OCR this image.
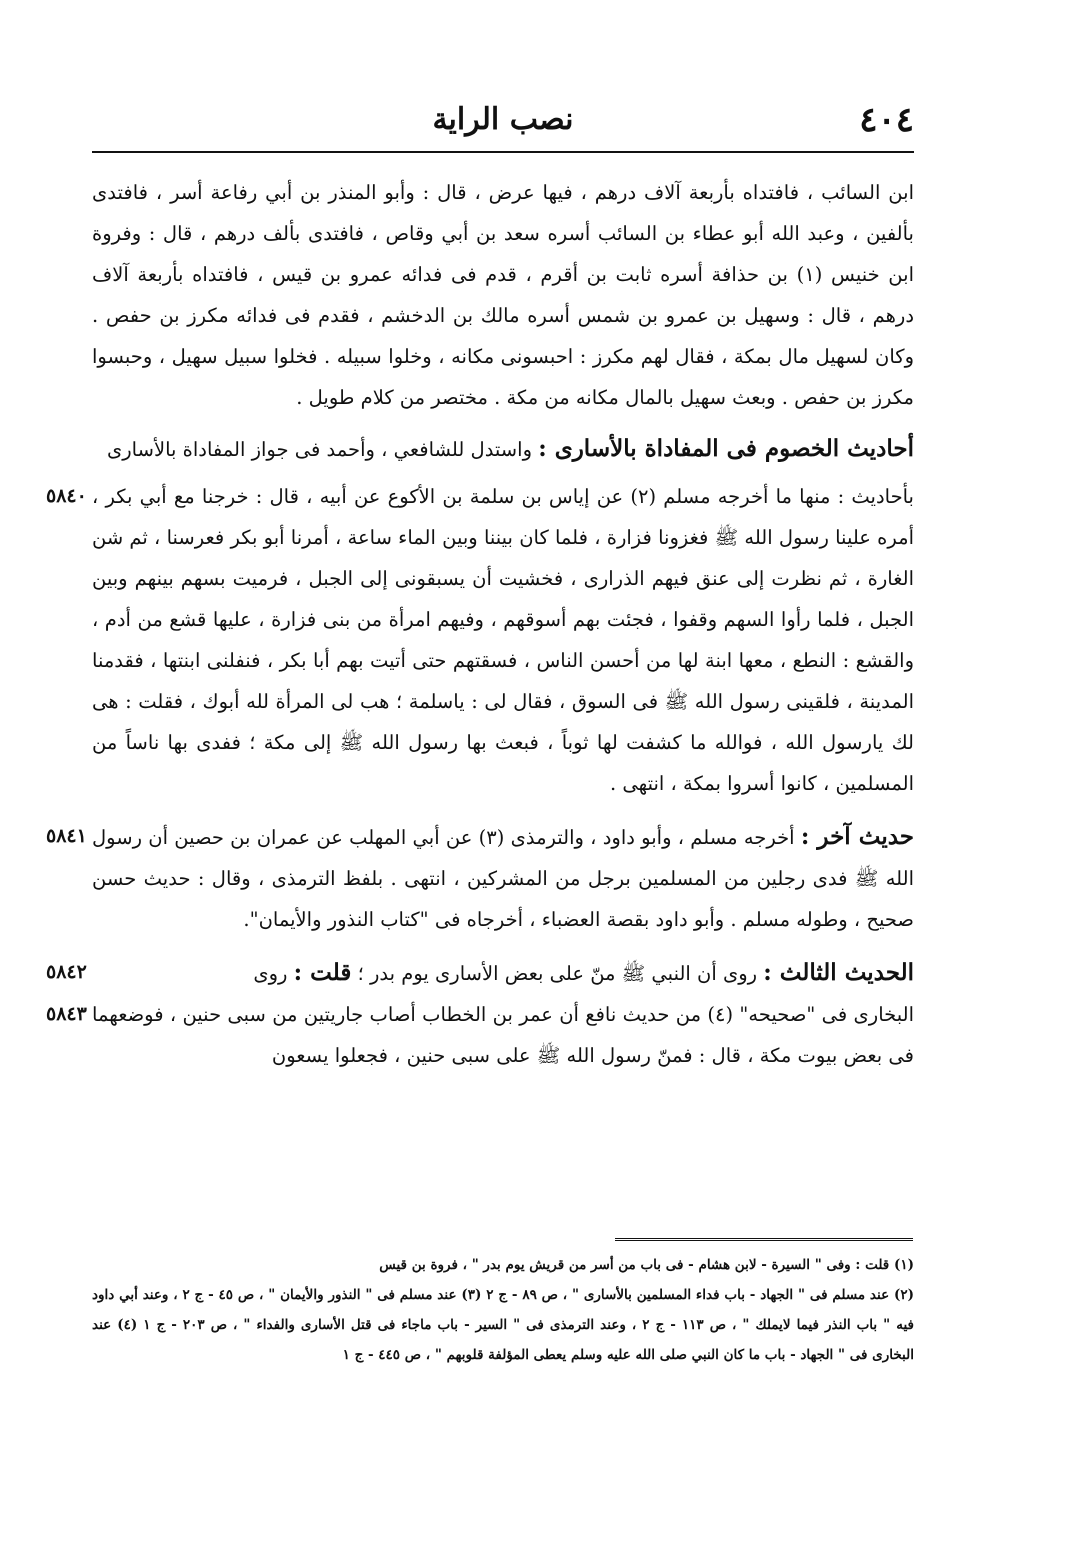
٤٠٤
نصب الراية

ابن السائب ، فافتداه بأربعة آلاف درهم ، فيها عرض ، قال : وأبو المنذر بن أبي رفاعة أسر ، فافتدى بألفين ، وعبد الله أبو عطاء بن السائب أسره سعد بن أبي وقاص ، فافتدى بألف درهم ، قال : وفروة ابن خنيس (١) بن حذافة أسره ثابت بن أقرم ، قدم فى فدائه عمرو بن قيس ، فافتداه بأربعة آلاف درهم ، قال : وسهيل بن عمرو بن شمس أسره مالك بن الدخشم ، فقدم فى فدائه مكرز بن حفص . وكان لسهيل مال بمكة ، فقال لهم مكرز : احبسونى مكانه ، وخلوا سبيله . فخلوا سبيل سهيل ، وحبسوا مكرز بن حفص . وبعث سهيل بالمال مكانه من مكة . مختصر من كلام طويل .

أحاديث الخصوم فى المفاداة بالأسارى : واستدل للشافعي ، وأحمد فى جواز المفاداة بالأسارى

٥٨٤٠ بأحاديث : منها ما أخرجه مسلم (٢) عن إياس بن سلمة بن الأكوع عن أبيه ، قال : خرجنا مع أبي بكر ، أمره علينا رسول الله ﷺ فغزونا فزارة ، فلما كان بيننا وبين الماء ساعة ، أمرنا أبو بكر فعرسنا ، ثم شن الغارة ، ثم نظرت إلى عنق فيهم الذرارى ، فخشيت أن يسبقونى إلى الجبل ، فرميت بسهم بينهم وبين الجبل ، فلما رأوا السهم وقفوا ، فجئت بهم أسوقهم ، وفيهم امرأة من بنى فزارة ، عليها قشع من أدم ، والقشع : النطع ، معها ابنة لها من أحسن الناس ، فسقتهم حتى أتيت بهم أبا بكر ، فنفلنى ابنتها ، فقدمنا المدينة ، فلقينى رسول الله ﷺ فى السوق ، فقال لى : ياسلمة ؛ هب لى المرأة لله أبوك ، فقلت : هى لك يارسول الله ، فوالله ما كشفت لها ثوباً ، فبعث بها رسول الله ﷺ إلى مكة ؛ ففدى بها ناساً من المسلمين ، كانوا أسروا بمكة ، انتهى .
٥٨٤١	حديث آخر : أخرجه مسلم ، وأبو داود ، والترمذى (٣) عن أبي المهلب عن عمران بن حصين أن رسول الله ﷺ فدى رجلين من المسلمين برجل من المشركين ، انتهى . بلفظ الترمذى ، وقال : حديث حسن صحيح ، وطوله مسلم . وأبو داود بقصة العضباء ، أخرجاه فى "كتاب النذور والأيمان".
٥٨٤٢	الحديث الثالث : روى أن النبي ﷺ منّ على بعض الأسارى يوم بدر ؛ قلت : روى
٥٨٤٣ البخارى فى "صحيحه" (٤) من حديث نافع أن عمر بن الخطاب أصاب جاريتين من سبى حنين ، فوضعهما فى بعض بيوت مكة ، قال : فمنّ رسول الله ﷺ على سبى حنين ، فجعلوا يسعون

(١) قلت : وفى " السيرة - لابن هشام - فى باب من أسر من قريش يوم بدر " ، فروة بن قيس

(٢) عند مسلم فى " الجهاد - باب فداء المسلمين بالأسارى " ، ص ٨٩ - ج ٢ (٣) عند مسلم فى " النذور والأيمان " ، ص ٤٥ - ج ٢ ، وعند أبي داود فيه " باب النذر فيما لايملك " ، ص ١١٣ - ج ٢ ، وعند الترمذى فى " السير - باب ماجاء فى قتل الأسارى والفداء " ، ص ٢٠٣ - ج ١ (٤) عند البخارى فى " الجهاد - باب ما كان النبي صلى الله عليه وسلم يعطى المؤلفة قلوبهم " ، ص ٤٤٥ - ج ١
